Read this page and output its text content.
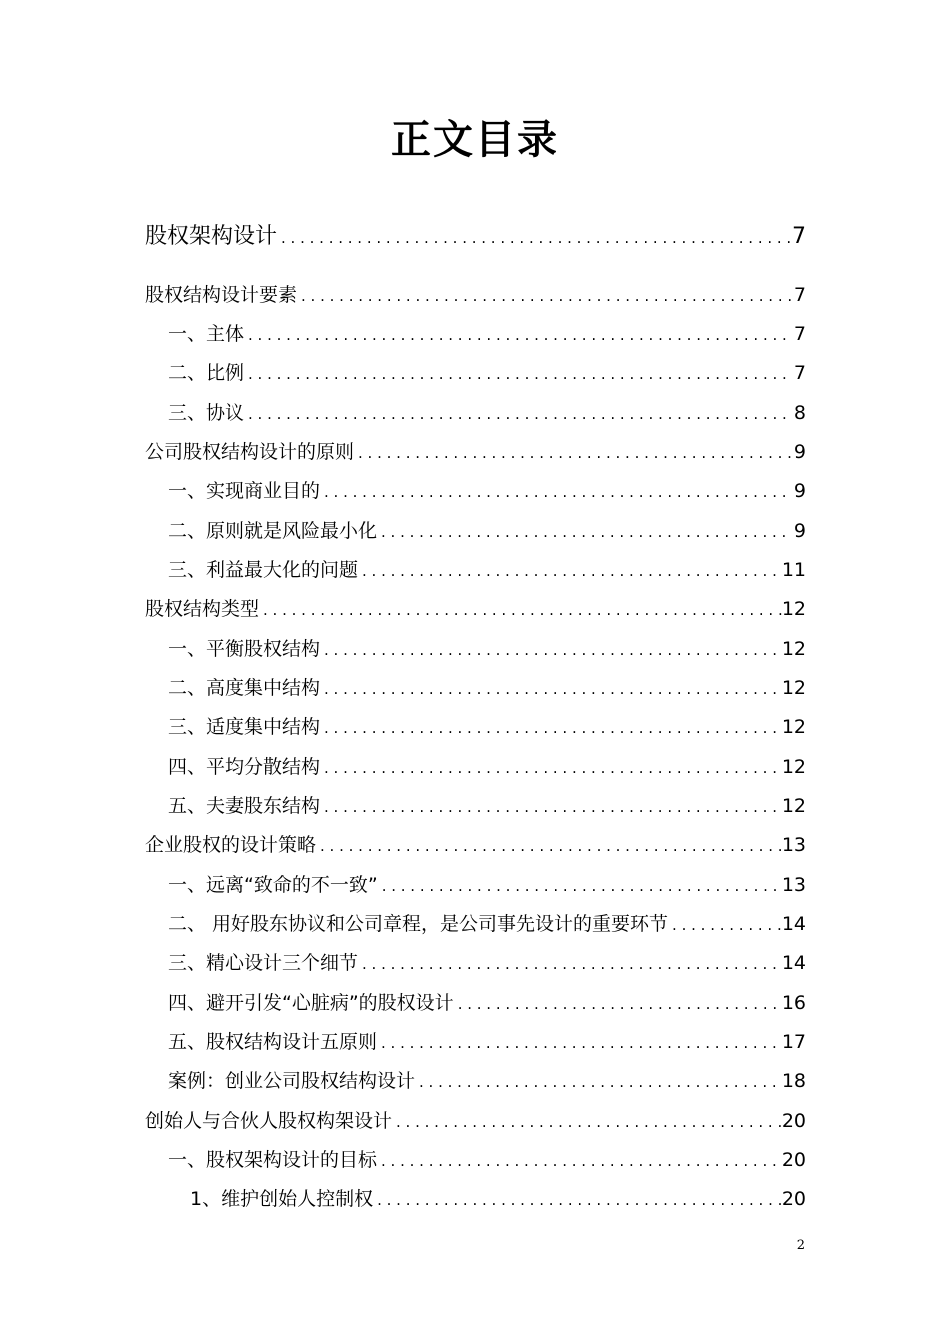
正文目录
股权架构设计 . . .	7
股权结构设计要素 . . .	7
一、主体 . . .	7
二、比例 . . .	7
三、协议 . . .	8
公司股权结构设计的原则 . . .	9
一、实现商业目的 . . .	9
二、原则就是风险最小化 . . .	9
三、利益最大化的问题 . . .	11
股权结构类型 . . .	12
一、平衡股权结构 . . .	12
二、高度集中结构 . . .	12
三、适度集中结构 . . .	12
四、平均分散结构 . . .	12
五、夫妻股东结构 . . .	12
企业股权的设计策略 . . .	13
一、远离“致命的不一致” . . .	13
二、 用好股东协议和公司章程，是公司事先设计的重要环节 . . .	14
三、精心设计三个细节 . . .	14
四、避开引发“心脏病”的股权设计 . . .	16
五、股权结构设计五原则 . . .	17
案例：创业公司股权结构设计 . . .	18
创始人与合伙人股权构架设计 . . .	20
一、股权架构设计的目标 . . .	20
1、维护创始人控制权 . . .	20
2
